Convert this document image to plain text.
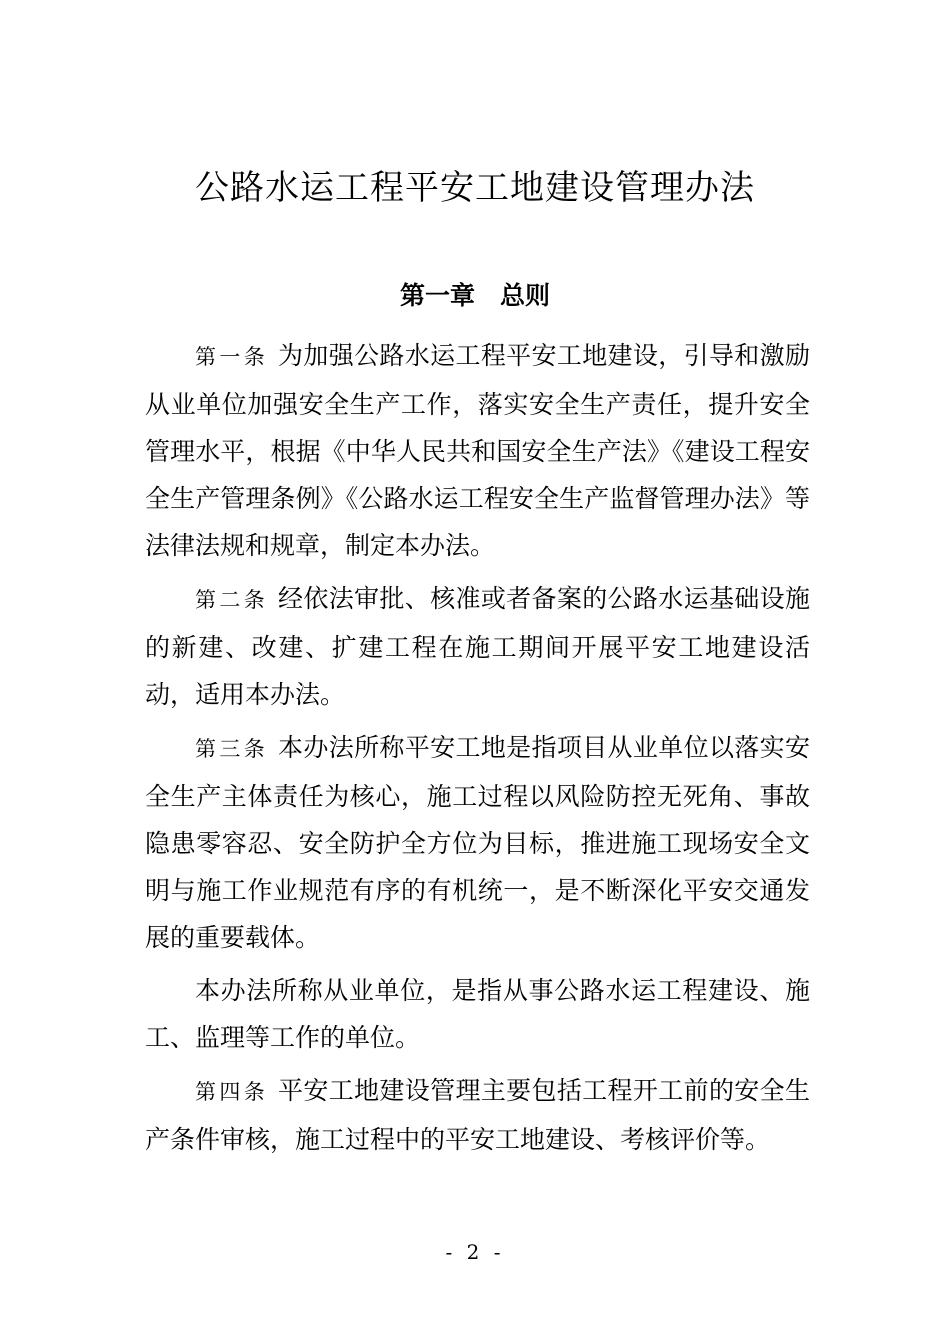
公路水运工程平安工地建设管理办法
第一章　总则

第一条 为加强公路水运工程平安工地建设，引导和激励从业单位加强安全生产工作，落实安全生产责任，提升安全管理水平，根据《中华人民共和国安全生产法》《建设工程安全生产管理条例》《公路水运工程安全生产监督管理办法》等法律法规和规章，制定本办法。

第二条 经依法审批、核准或者备案的公路水运基础设施的新建、改建、扩建工程在施工期间开展平安工地建设活动，适用本办法。

第三条 本办法所称平安工地是指项目从业单位以落实安全生产主体责任为核心，施工过程以风险防控无死角、事故隐患零容忍、安全防护全方位为目标，推进施工现场安全文明与施工作业规范有序的有机统一，是不断深化平安交通发展的重要载体。

本办法所称从业单位，是指从事公路水运工程建设、施工、监理等工作的单位。

第四条 平安工地建设管理主要包括工程开工前的安全生产条件审核，施工过程中的平安工地建设、考核评价等。

- 2 -
